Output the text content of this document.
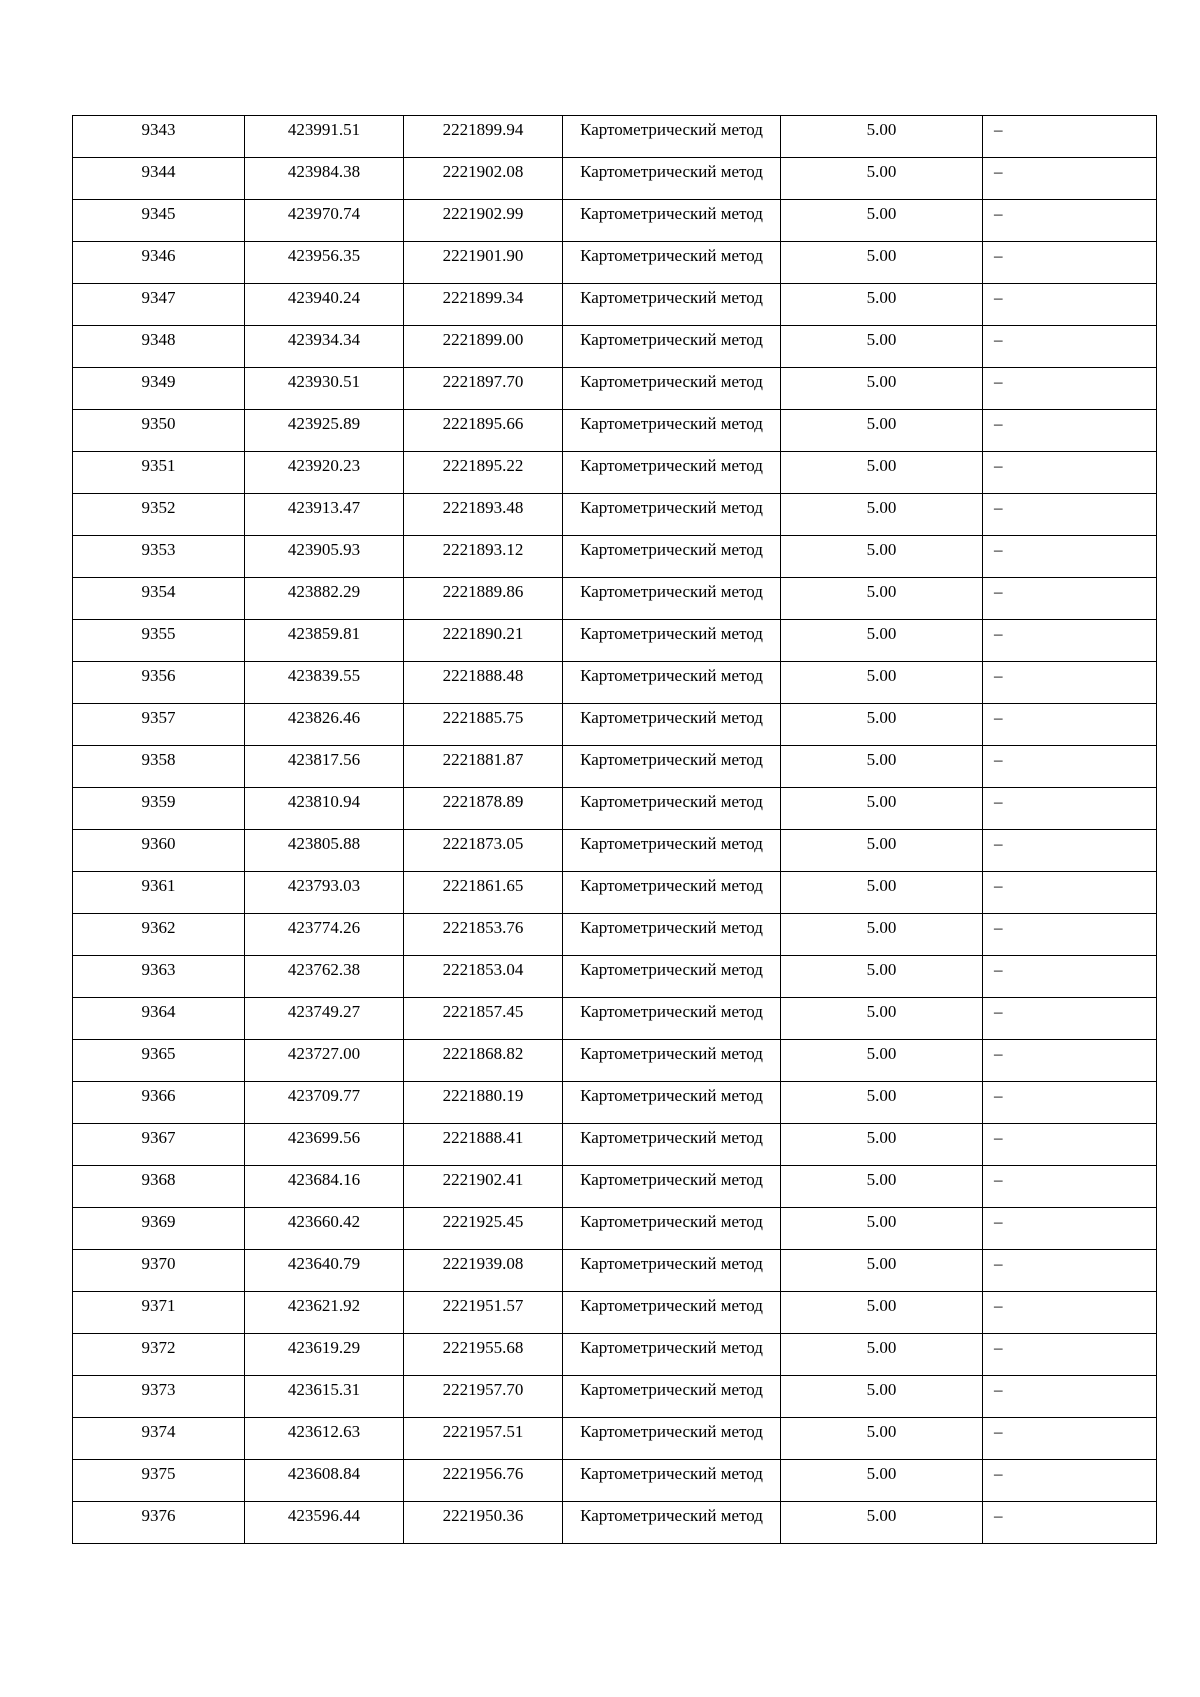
9343	423991.51	2221899.94	Картометрический метод	5.00	–
9344	423984.38	2221902.08	Картометрический метод	5.00	–
9345	423970.74	2221902.99	Картометрический метод	5.00	–
9346	423956.35	2221901.90	Картометрический метод	5.00	–
9347	423940.24	2221899.34	Картометрический метод	5.00	–
9348	423934.34	2221899.00	Картометрический метод	5.00	–
9349	423930.51	2221897.70	Картометрический метод	5.00	–
9350	423925.89	2221895.66	Картометрический метод	5.00	–
9351	423920.23	2221895.22	Картометрический метод	5.00	–
9352	423913.47	2221893.48	Картометрический метод	5.00	–
9353	423905.93	2221893.12	Картометрический метод	5.00	–
9354	423882.29	2221889.86	Картометрический метод	5.00	–
9355	423859.81	2221890.21	Картометрический метод	5.00	–
9356	423839.55	2221888.48	Картометрический метод	5.00	–
9357	423826.46	2221885.75	Картометрический метод	5.00	–
9358	423817.56	2221881.87	Картометрический метод	5.00	–
9359	423810.94	2221878.89	Картометрический метод	5.00	–
9360	423805.88	2221873.05	Картометрический метод	5.00	–
9361	423793.03	2221861.65	Картометрический метод	5.00	–
9362	423774.26	2221853.76	Картометрический метод	5.00	–
9363	423762.38	2221853.04	Картометрический метод	5.00	–
9364	423749.27	2221857.45	Картометрический метод	5.00	–
9365	423727.00	2221868.82	Картометрический метод	5.00	–
9366	423709.77	2221880.19	Картометрический метод	5.00	–
9367	423699.56	2221888.41	Картометрический метод	5.00	–
9368	423684.16	2221902.41	Картометрический метод	5.00	–
9369	423660.42	2221925.45	Картометрический метод	5.00	–
9370	423640.79	2221939.08	Картометрический метод	5.00	–
9371	423621.92	2221951.57	Картометрический метод	5.00	–
9372	423619.29	2221955.68	Картометрический метод	5.00	–
9373	423615.31	2221957.70	Картометрический метод	5.00	–
9374	423612.63	2221957.51	Картометрический метод	5.00	–
9375	423608.84	2221956.76	Картометрический метод	5.00	–
9376	423596.44	2221950.36	Картометрический метод	5.00	–
